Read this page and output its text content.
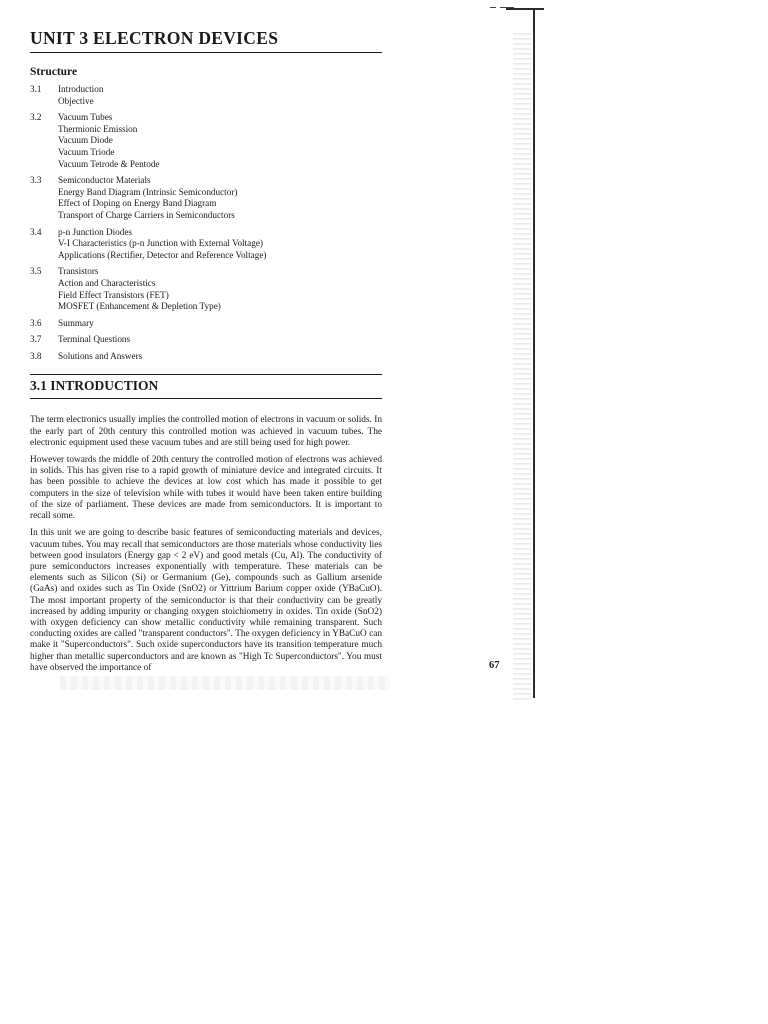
UNIT 3 ELECTRON DEVICES
Structure
3.1	Introduction
Objective
3.2	Vacuum Tubes
Thermionic Emission
Vacuum Diode
Vacuum Triode
Vacuum Tetrode & Pentode
3.3	Semiconductor Materials
Energy Band Diagram (Intrinsic Semiconductor)
Effect of Doping on Energy Band Diagram
Transport of Charge Carriers in Semiconductors
3.4	p-n Junction Diodes
V-I Characteristics (p-n Junction with External Voltage)
Applications (Rectifier, Detector and Reference Voltage)
3.5	Transistors
Action and Characteristics
Field Effect Transistors (FET)
MOSFET (Enhancement & Depletion Type)
3.6	Summary
3.7	Terminal Questions
3.8	Solutions and Answers
3.1 INTRODUCTION

The term electronics usually implies the controlled motion of electrons in vacuum or solids. In the early part of 20th century this controlled motion was achieved in vacuum tubes. The electronic equipment used these vacuum tubes and are still being used for high power.

However towards the middle of 20th century the controlled motion of electrons was achieved in solids. This has given rise to a rapid growth of miniature device and integrated circuits. It has been possible to achieve the devices at low cost which has made it possible to get computers in the size of television while with tubes it would have been taken entire building of the size of parliament. These devices are made from semiconductors. It is important to recall some.

In this unit we are going to describe basic features of semiconducting materials and devices, vacuum tubes. You may recall that semiconductors are those materials whose conductivity lies between good insulators (Energy gap < 2 eV) and good metals (Cu, Al). The conductivity of pure semiconductors increases exponentially with temperature. These materials can be elements such as Silicon (Si) or Germanium (Ge), compounds such as Gallium arsenide (GaAs) and oxides such as Tin Oxide (SnO2) or Yittrium Barium copper oxide (YBaCuO). The most important property of the semiconductor is that their conductivity can be greatly increased by adding impurity or changing oxygen stoichiometry in oxides. Tin oxide (SnO2) with oxygen deficiency can show metallic conductivity while remaining transparent. Such conducting oxides are called "transparent conductors". The oxygen deficiency in YBaCuO can make it "Superconductors". Such oxide superconductors have its transition temperature much higher than metallic superconductors and are known as "High Tc Superconductors". You must have observed the importance of	67
